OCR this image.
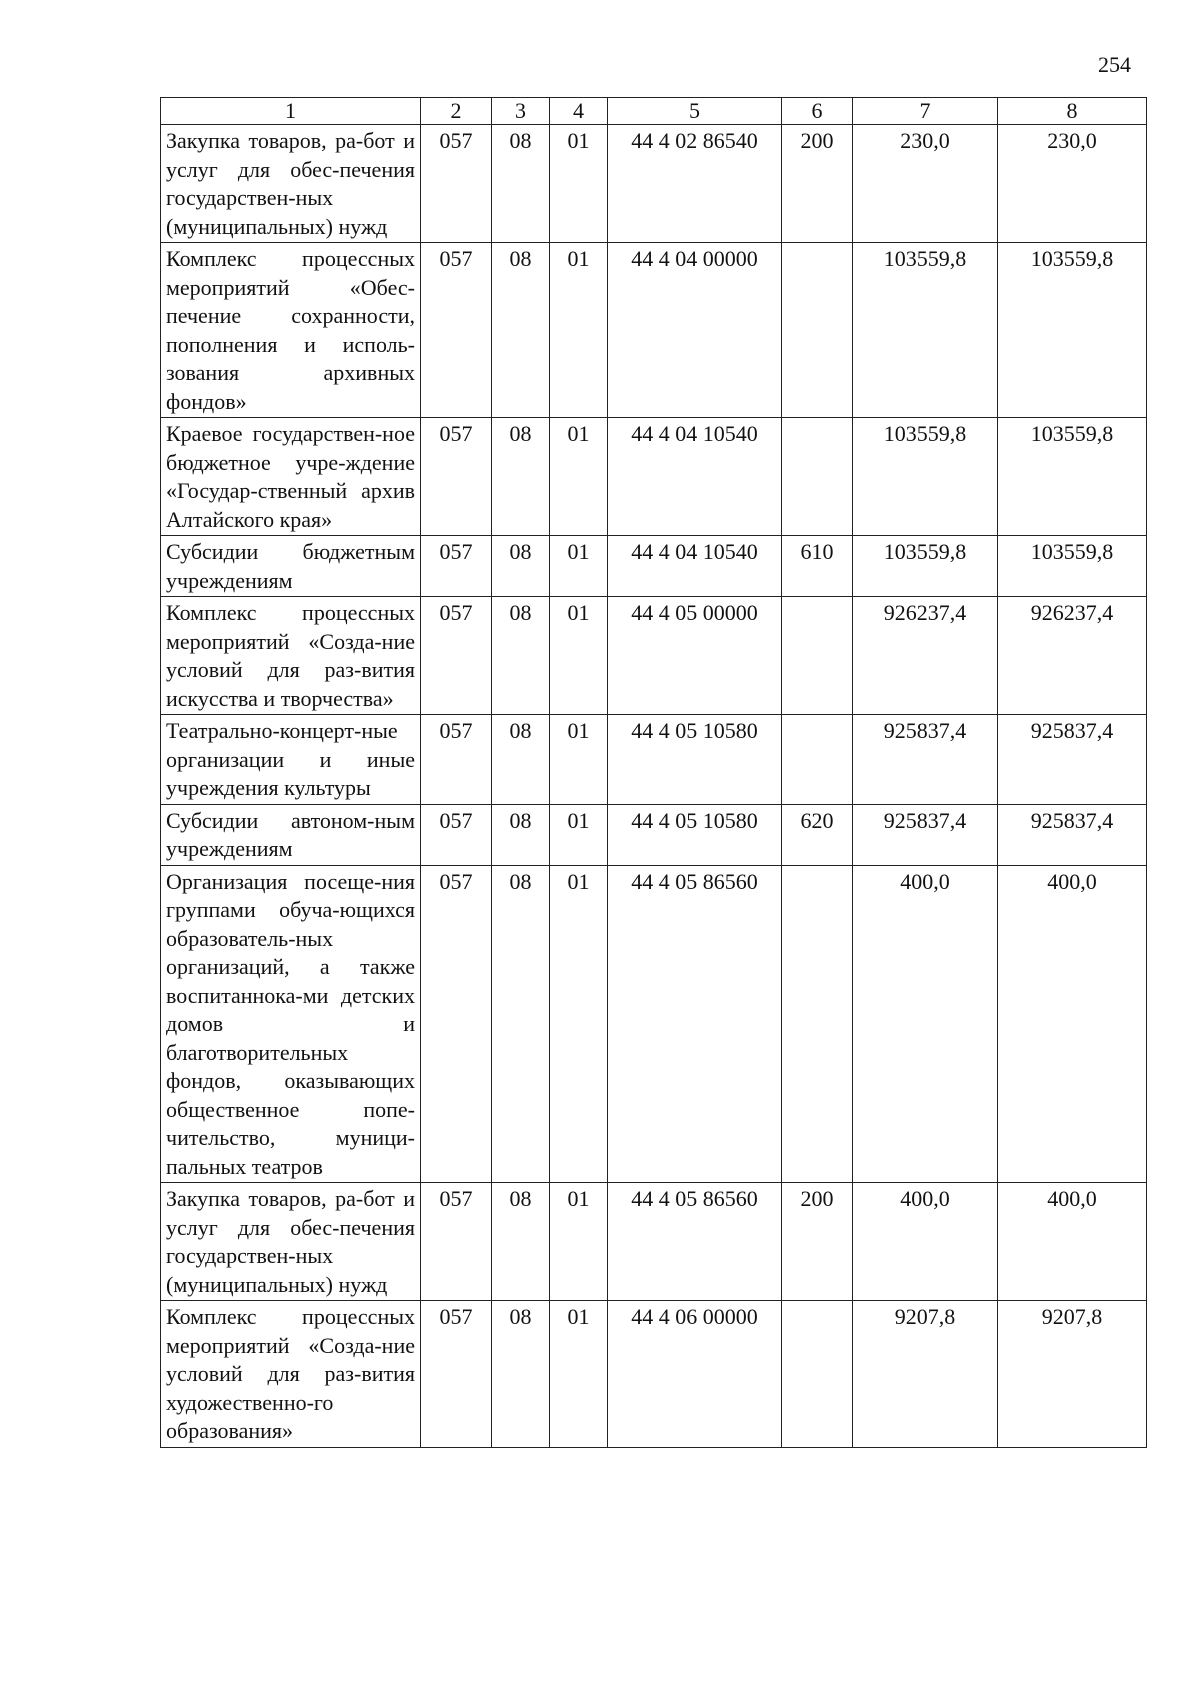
254
1	2	3	4	5	6	7	8
Закупка товаров, ра-бот и услуг для обес-печения государствен-ных (муниципальных) нужд	057	08	01	44 4 02 86540	200	230,0	230,0
Комплекс процессных мероприятий «Обес-печение сохранности, пополнения и исполь-зования архивных фондов»	057	08	01	44 4 04 00000		103559,8	103559,8
Краевое государствен-ное бюджетное учре-ждение «Государ-ственный архив Алтайского края»	057	08	01	44 4 04 10540		103559,8	103559,8
Субсидии бюджетным учреждениям	057	08	01	44 4 04 10540	610	103559,8	103559,8
Комплекс процессных мероприятий «Созда-ние условий для раз-вития искусства и творчества»	057	08	01	44 4 05 00000		926237,4	926237,4
Театрально-концерт-ные организации и иные учреждения культуры	057	08	01	44 4 05 10580		925837,4	925837,4
Субсидии автоном-ным учреждениям	057	08	01	44 4 05 10580	620	925837,4	925837,4
Организация посеще-ния группами обуча-ющихся образователь-ных организаций, а также воспитаннока-ми детских домов и благотворительных фондов, оказывающих общественное попе-чительство, муници-пальных театров	057	08	01	44 4 05 86560		400,0	400,0
Закупка товаров, ра-бот и услуг для обес-печения государствен-ных (муниципальных) нужд	057	08	01	44 4 05 86560	200	400,0	400,0
Комплекс процессных мероприятий «Созда-ние условий для раз-вития художественно-го образования»	057	08	01	44 4 06 00000		9207,8	9207,8
